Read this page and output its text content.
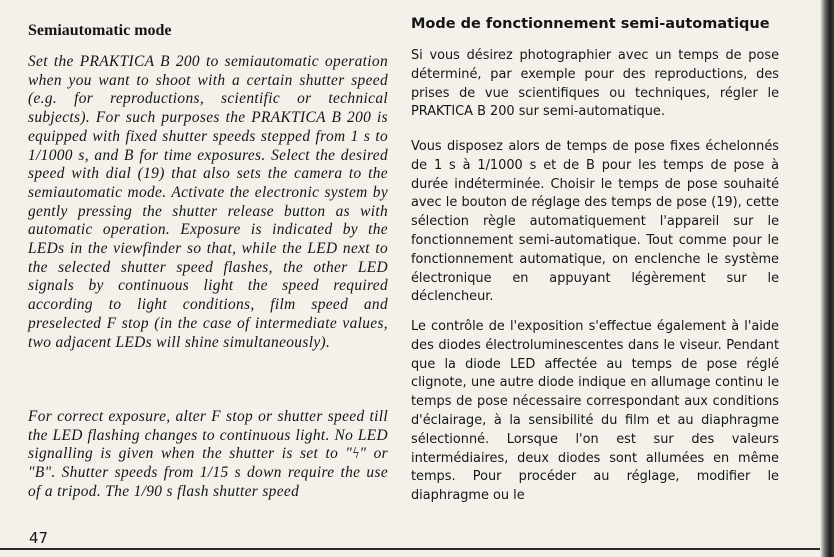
Semiautomatic mode

Set the PRAKTICA B 200 to semiautomatic operation when you want to shoot with a certain shutter speed (e.g. for reproductions, scientific or technical subjects). For such purposes the PRAKTICA B 200 is equipped with fixed shutter speeds stepped from 1 s to 1/1000 s, and B for time exposures. Select the desired speed with dial (19) that also sets the camera to the semiautomatic mode. Activate the electronic system by gently pressing the shutter release button as with automatic operation. Exposure is indicated by the LEDs in the viewfinder so that, while the LED next to the selected shutter speed flashes, the other LED signals by continuous light the speed required according to light conditions, film speed and preselected F stop (in the case of intermediate values, two adjacent LEDs will shine simultaneously).

For correct exposure, alter F stop or shutter speed till the LED flashing changes to continuous light. No LED signalling is given when the shutter is set to "ϟ" or "B". Shutter speeds from 1/15 s down require the use of a tripod. The 1/90 s flash shutter speed

Mode de fonctionnement semi-automatique

Si vous désirez photographier avec un temps de pose déterminé, par exemple pour des reproductions, des prises de vue scientifiques ou techniques, régler le PRAKTICA B 200 sur semi-automatique.

Vous disposez alors de temps de pose fixes échelonnés de 1 s à 1/1000 s et de B pour les temps de pose à durée indéterminée. Choisir le temps de pose souhaité avec le bouton de réglage des temps de pose (19), cette sélection règle automatiquement l'appareil sur le fonctionnement semi-automatique. Tout comme pour le fonctionnement automatique, on enclenche le système électronique en appuyant légèrement sur le déclencheur.

Le contrôle de l'exposition s'effectue également à l'aide des diodes électroluminescentes dans le viseur. Pendant que la diode LED affectée au temps de pose réglé clignote, une autre diode indique en allumage continu le temps de pose nécessaire correspondant aux conditions d'éclairage, à la sensibilité du film et au diaphragme sélectionné. Lorsque l'on est sur des valeurs intermédiaires, deux diodes sont allumées en même temps. Pour procéder au réglage, modifier le diaphragme ou le

47
